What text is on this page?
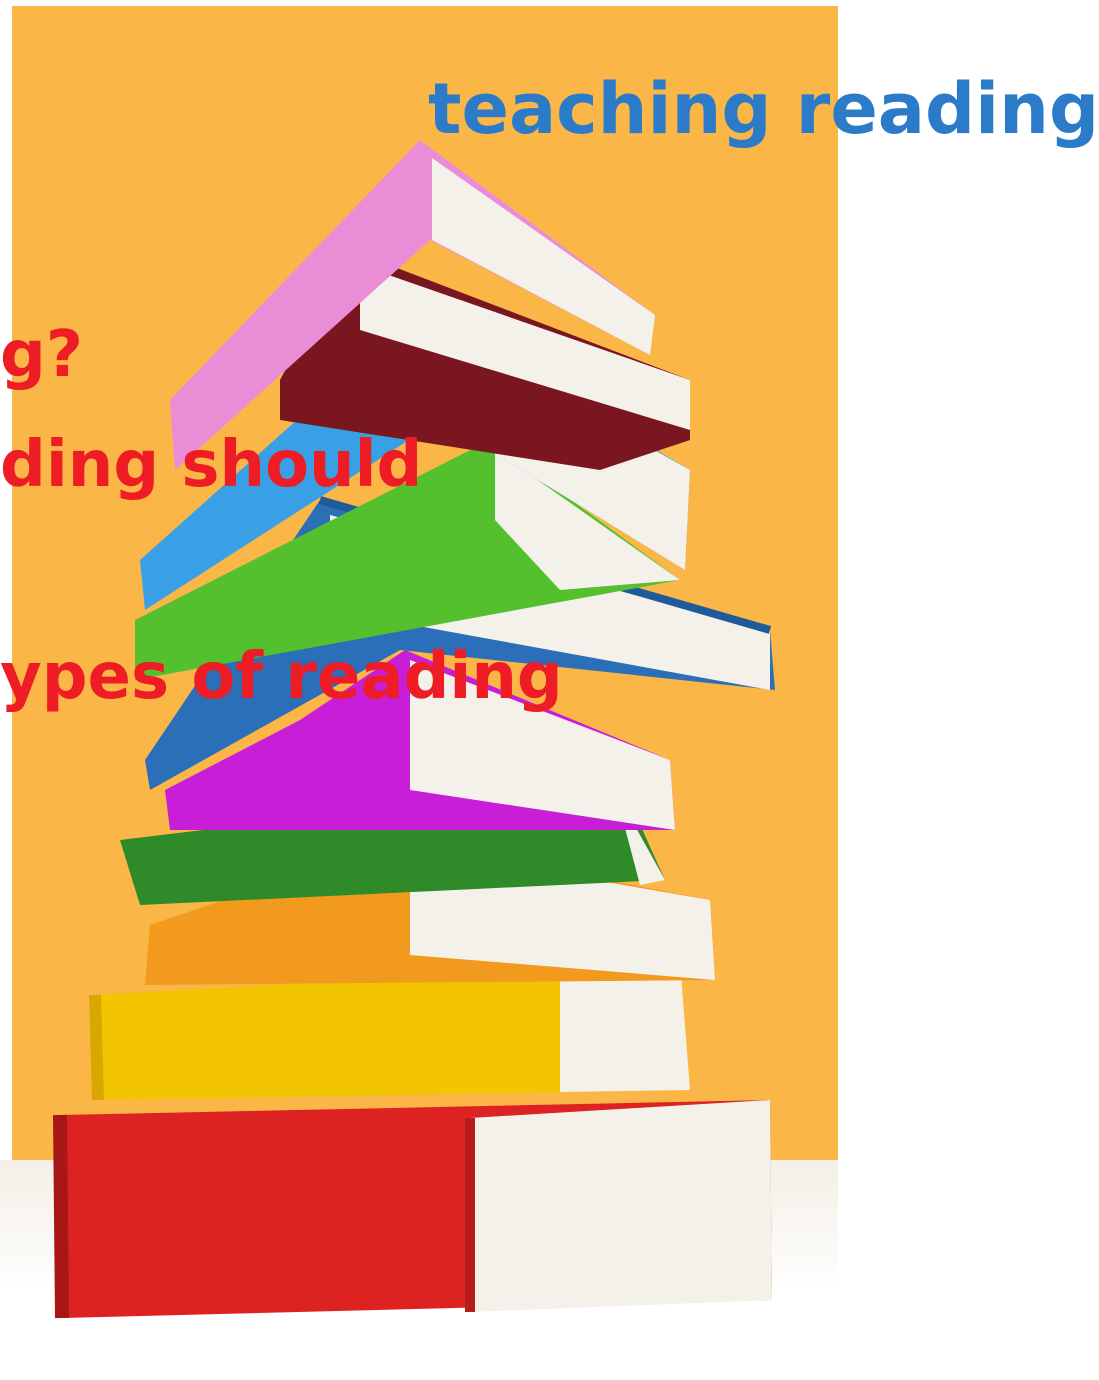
teaching reading
g?
ding should
ypes of reading
